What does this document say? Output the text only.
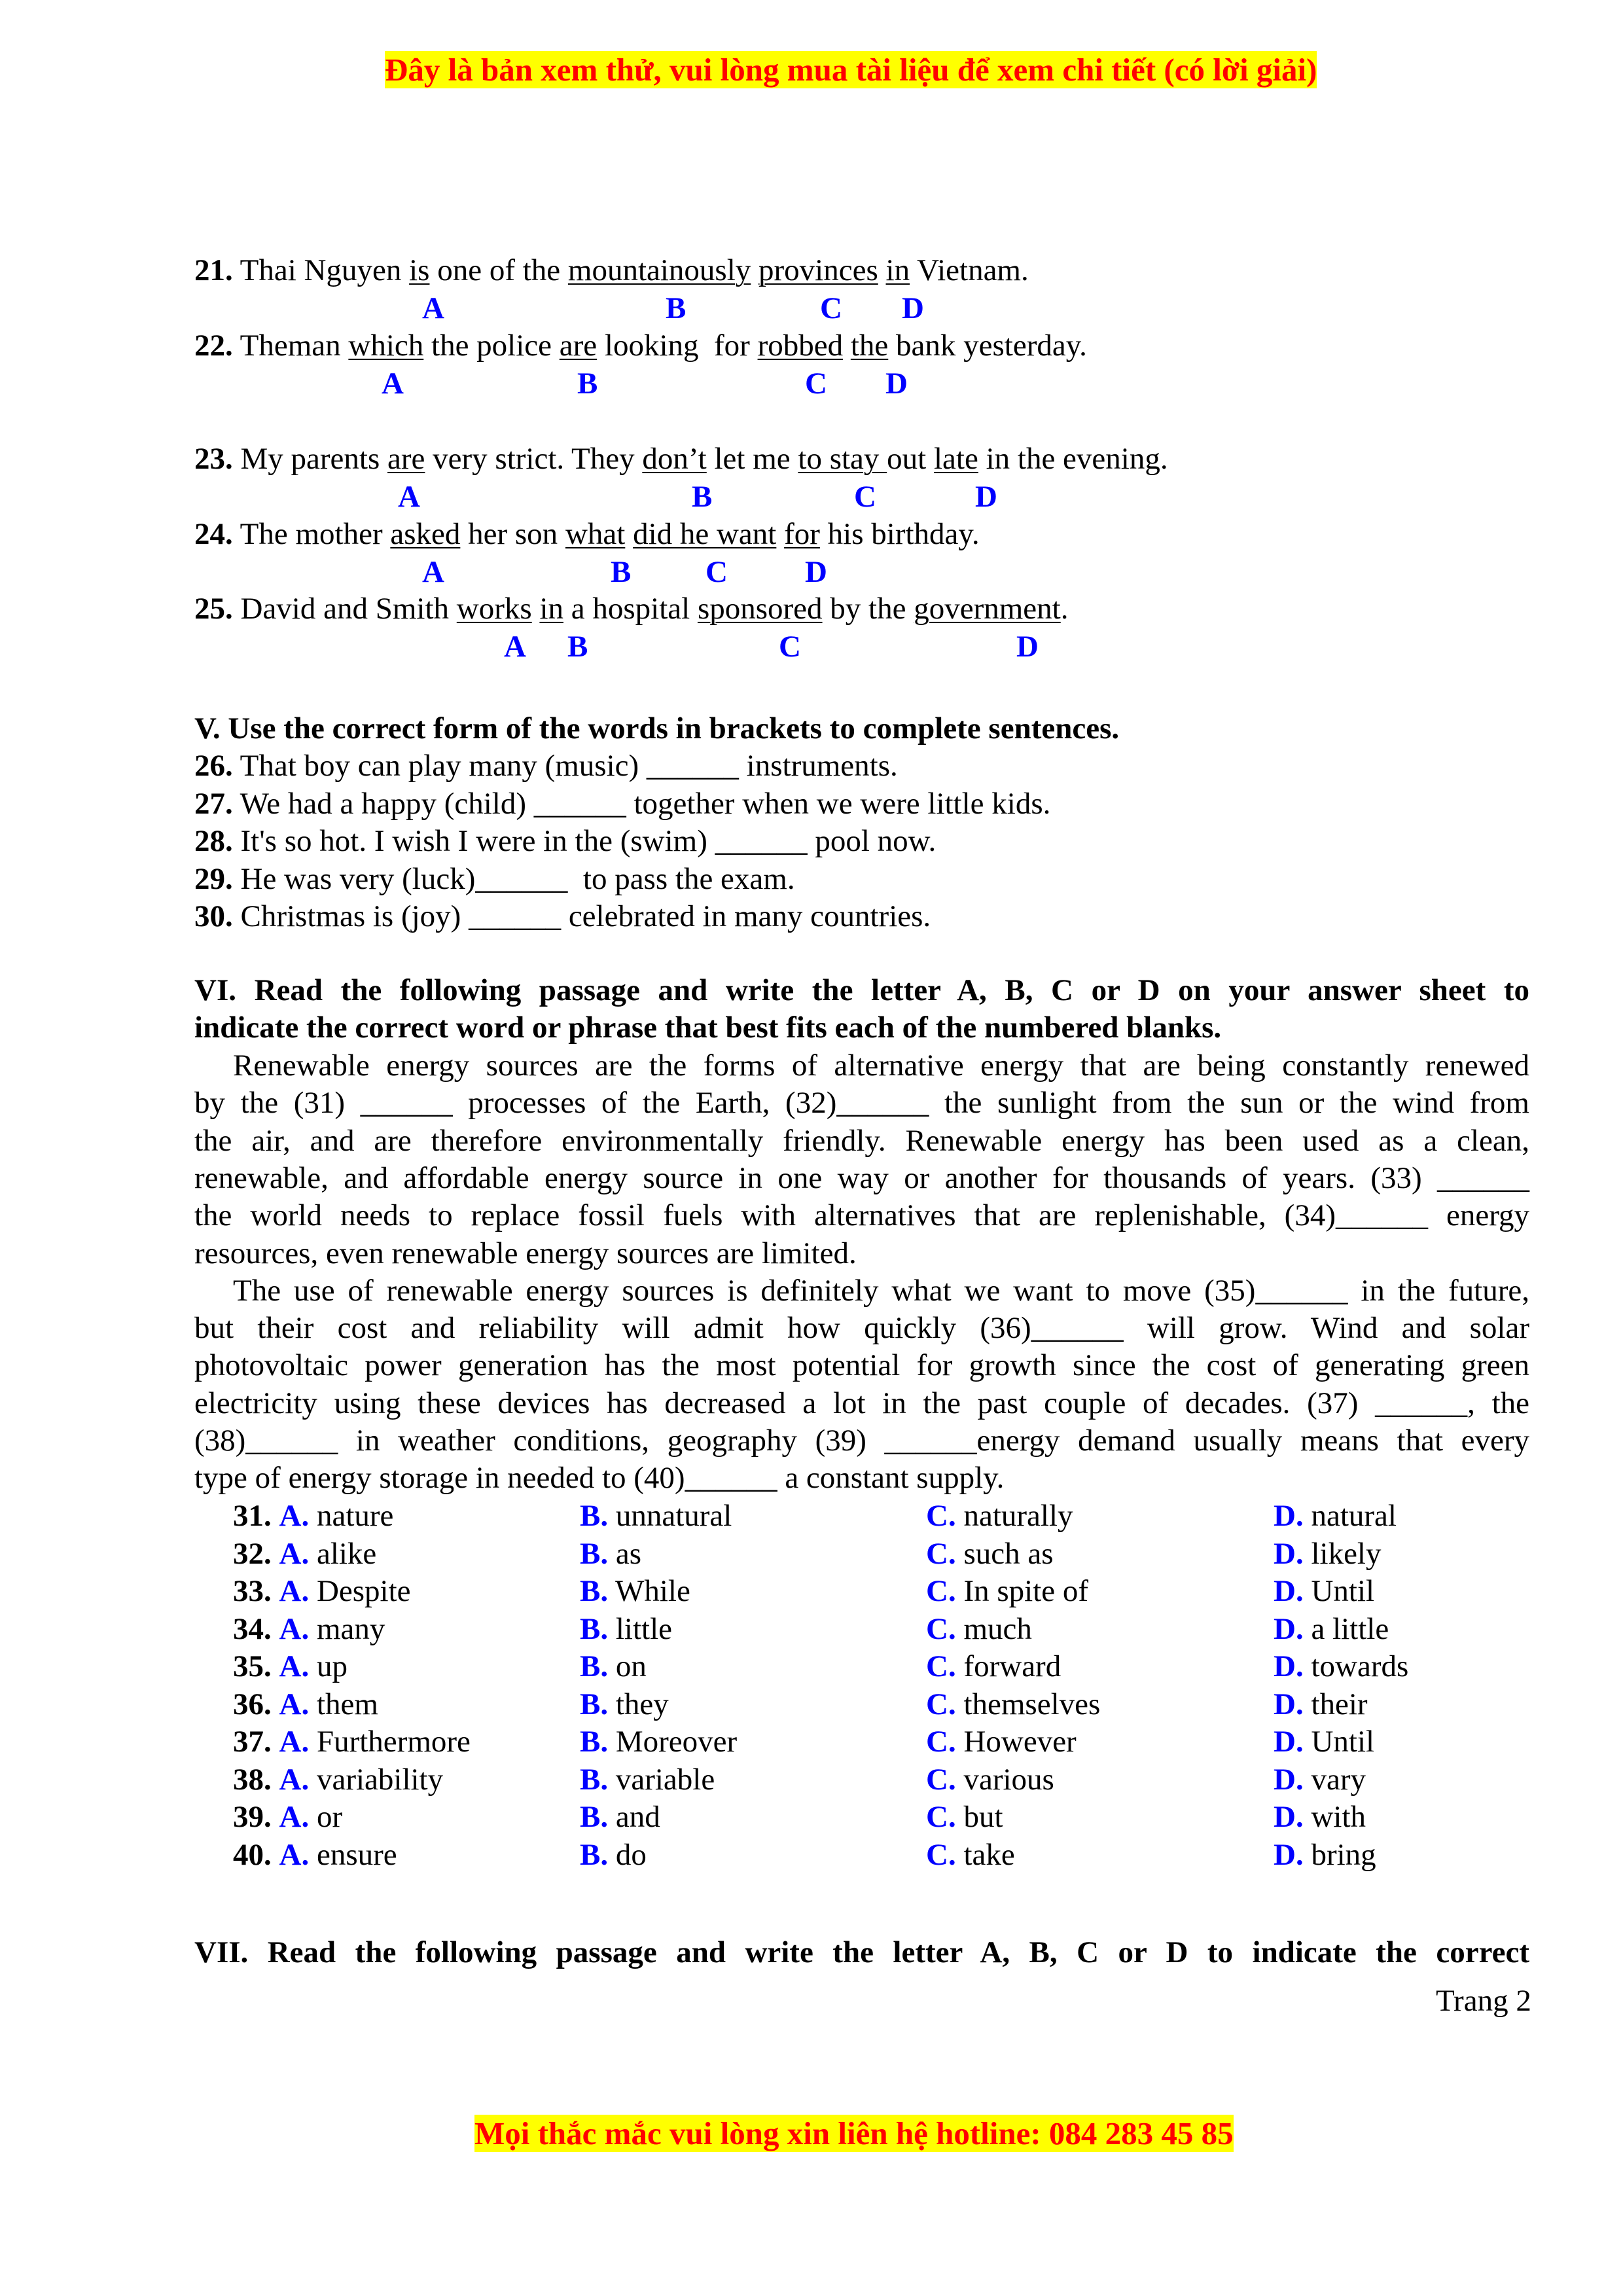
Đây là bản xem thử, vui lòng mua tài liệu để xem chi tiết (có lời giải)
21. Thai Nguyen is one of the mountainously provinces in Vietnam.
A	B	C D
22. Theman which the police are looking  for robbed the bank yesterday.
A	B	C D
23. My parents are very strict. They don’t let me to stay out late in the evening.
A	B	C	D
24. The mother asked her son what did he want for his birthday.
A	B C	D
25. David and Smith works in a hospital sponsored by the government.
A B	C	D
V. Use the correct form of the words in brackets to complete sentences.
26. That boy can play many (music) ______ instruments.
27. We had a happy (child) ______ together when we were little kids.
28. It's so hot. I wish I were in the (swim) ______ pool now.
29. He was very (luck)______  to pass the exam.
30. Christmas is (joy) ______ celebrated in many countries.
VI. Read the following passage and write the letter A, B, C or D on your answer sheet to
indicate the correct word or phrase that best fits each of the numbered blanks.
Renewable energy sources are the forms of alternative energy that are being constantly renewed
by the (31) ______ processes of the Earth, (32)______ the sunlight from the sun or the wind from
the air, and are therefore environmentally friendly. Renewable energy has been used as a clean,
renewable, and affordable energy source in one way or another for thousands of years. (33) ______
the world needs to replace fossil fuels with alternatives that are replenishable, (34)______ energy
resources, even renewable energy sources are limited.
The use of renewable energy sources is definitely what we want to move (35)______ in the future,
but their cost and reliability will admit how quickly (36)______ will grow. Wind and solar
photovoltaic power generation has the most potential for growth since the cost of generating green
electricity using these devices has decreased a lot in the past couple of decades. (37) ______, the
(38)______ in weather conditions, geography (39) ______energy demand usually means that every
type of energy storage in needed to (40)______ a constant supply.
31. A. nature	B. unnatural	C. naturally	D. natural
32. A. alike	B. as	C. such as	D. likely
33. A. Despite	B. While	C. In spite of	D. Until
34. A. many	B. little	C. much	D. a little
35. A. up	B. on	C. forward	D. towards
36. A. them	B. they	C. themselves	D. their
37. A. Furthermore	B. Moreover	C. However	D. Until
38. A. variability	B. variable	C. various	D. vary
39. A. or	B. and	C. but	D. with
40. A. ensure	B. do	C. take	D. bring
VII. Read the following passage and write the letter A, B, C or D to indicate the correct
Trang 2
Mọi thắc mắc vui lòng xin liên hệ hotline: 084 283 45 85
